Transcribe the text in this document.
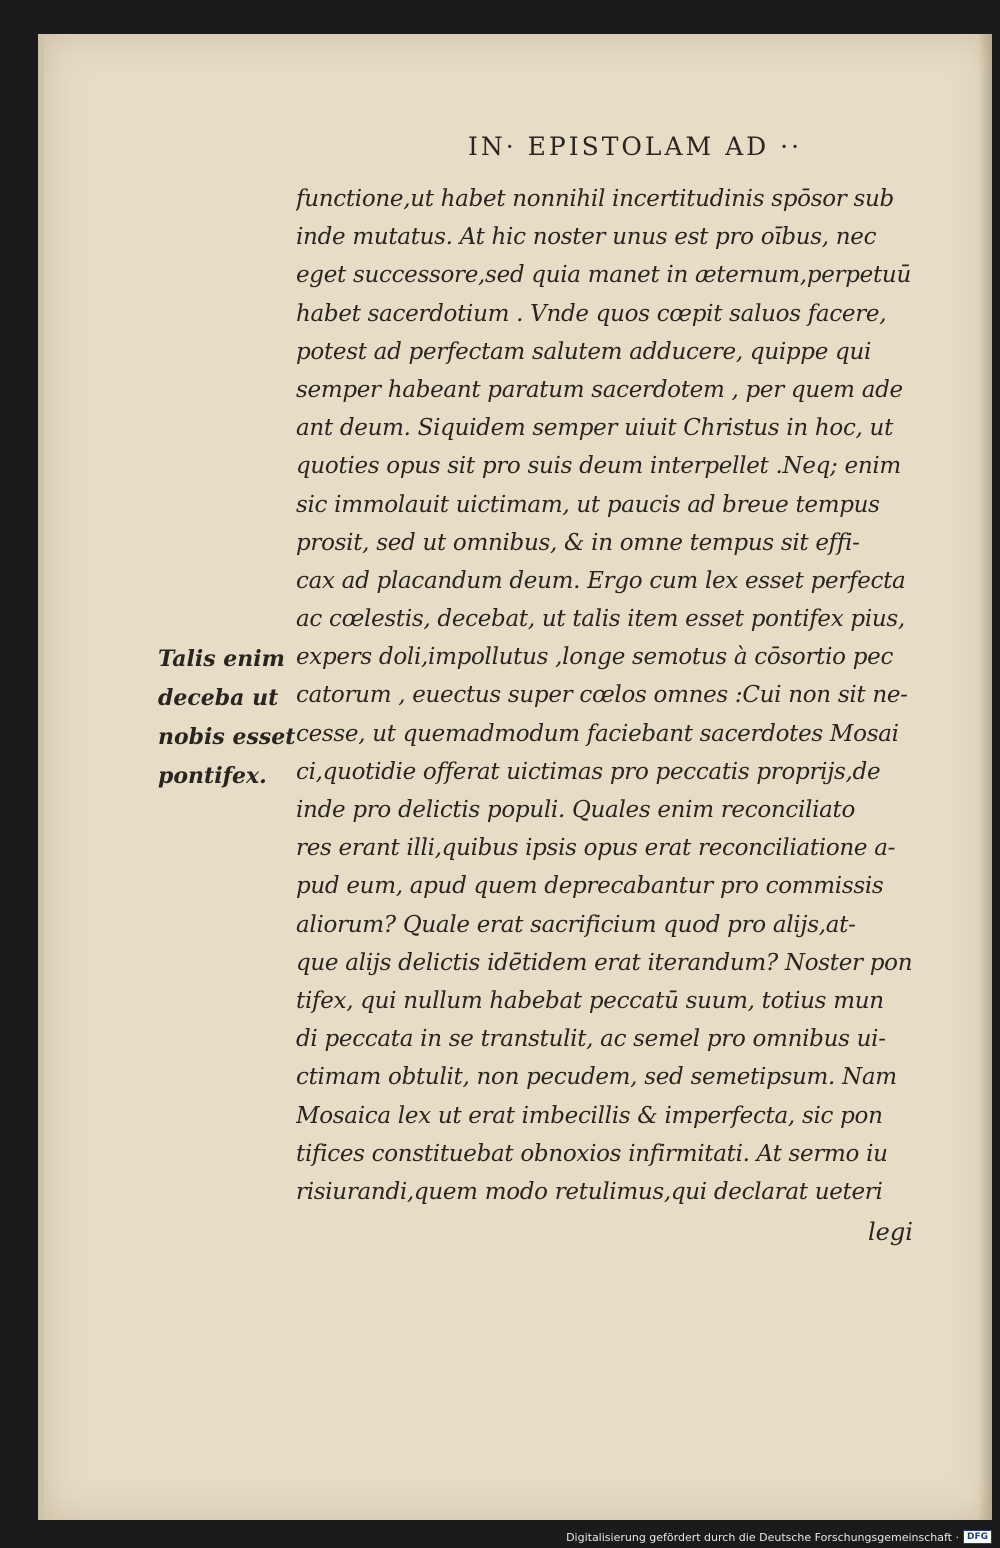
IN· EPISTOLAM AD ··
functione,ut habet nonnihil incertitudinis spōsor sub
inde mutatus. At hic noster unus est pro oībus, nec
eget successore,sed quia manet in æternum,perpetuū
habet sacerdotium . Vnde quos cœpit saluos facere,
potest ad perfectam salutem adducere, quippe qui
semper habeant paratum sacerdotem , per quem ade
ant deum. Siquidem semper uiuit Christus in hoc, ut
quoties opus sit pro suis deum interpellet .Neq; enim
sic immolauit uictimam, ut paucis ad breue tempus
prosit, sed ut omnibus, & in omne tempus sit effi-
cax ad placandum deum. Ergo cum lex esset perfecta
ac cœlestis, decebat, ut talis item esset pontifex pius,
expers doli,impollutus ,longe semotus à cōsortio pec
catorum , euectus super cœlos omnes :Cui non sit ne-
cesse, ut quemadmodum faciebant sacerdotes Mosai
ci,quotidie offerat uictimas pro peccatis proprijs,de
inde pro delictis populi. Quales enim reconciliato
res erant illi,quibus ipsis opus erat reconciliatione a-
pud eum, apud quem deprecabantur pro commissis
aliorum? Quale erat sacrificium quod pro alijs,at-
que alijs delictis idētidem erat iterandum? Noster pon
tifex, qui nullum habebat peccatū suum, totius mun
di peccata in se transtulit, ac semel pro omnibus ui-
ctimam obtulit, non pecudem, sed semetipsum. Nam
Mosaica lex ut erat imbecillis & imperfecta, sic pon
tifices constituebat obnoxios infirmitati. At sermo iu
risiurandi,quem modo retulimus,qui declarat ueteri
Talis enim
deceba ut
nobis esset
pontifex.
legi
Digitalisierung gefördert durch die Deutsche Forschungsgemeinschaft · DFG
